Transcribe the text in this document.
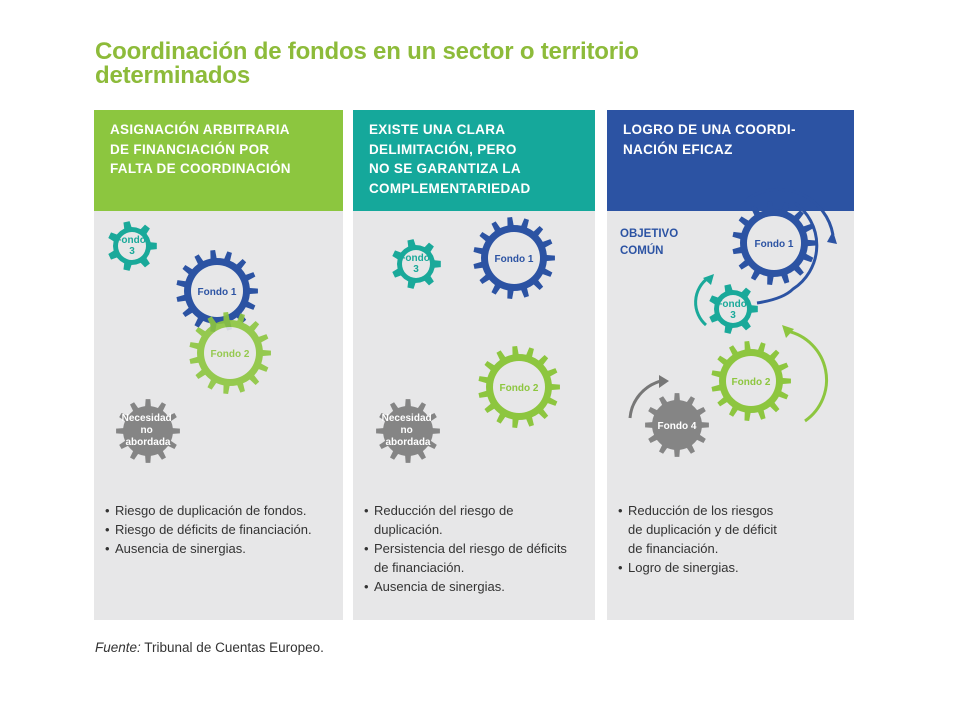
Coordinación de fondos en un sector o territorio
determinados
ASIGNACIÓN ARBITRARIA
DE FINANCIACIÓN POR
FALTA DE COORDINACIÓN
Fondo 3
Fondo 1
Fondo 2
Necesidad no abordada
• Riesgo de duplicación de fondos.
• Riesgo de déficits de financiación.
• Ausencia de sinergias.
EXISTE UNA CLARA
DELIMITACIÓN, PERO
NO SE GARANTIZA LA
COMPLEMENTARIEDAD
Fondo 3
Fondo 1
Fondo 2
Necesidad no abordada
• Reducción del riesgo de
duplicación.
• Persistencia del riesgo de déficits
de financiación.
• Ausencia de sinergias.
LOGRO DE UNA COORDI-
NACIÓN EFICAZ
OBJETIVO
COMÚN
Fondo 1
Fondo 3
Fondo 2
Fondo 4
• Reducción de los riesgos
de duplicación y de déficit
de financiación.
• Logro de sinergias.
Fuente: Tribunal de Cuentas Europeo.
